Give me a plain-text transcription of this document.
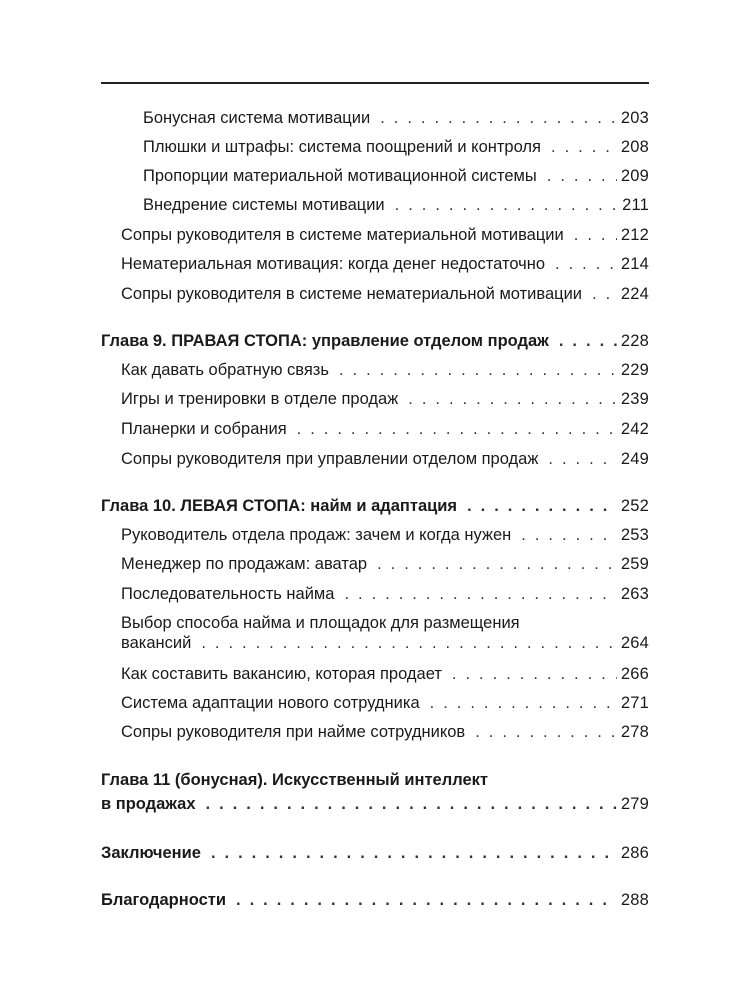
Бонусная система мотивации . . .	203
Плюшки и штрафы: система поощрений и контроля . . .	208
Пропорции материальной мотивационной системы . . .	209
Внедрение системы мотивации . . .	211
Сопры руководителя в системе материальной мотивации . . .	212
Нематериальная мотивация: когда денег недостаточно . . .	214
Сопры руководителя в системе нематериальной мотивации . . . 224
Глава 9. ПРАВАЯ СТОПА: управление отделом продаж . . .	228
Как давать обратную связь . . .	229
Игры и тренировки в отделе продаж . . .	239
Планерки и собрания . . .	242
Сопры руководителя при управлении отделом продаж . . .	249
Глава 10. ЛЕВАЯ СТОПА: найм и адаптация . . .	252
Руководитель отдела продаж: зачем и когда нужен . . .	253
Менеджер по продажам: аватар . . .	259
Последовательность найма . . .	263
Выбор способа найма и площадок для размещения
вакансий . . .	264
Как составить вакансию, которая продает . . .	266
Система адаптации нового сотрудника . . .	271
Сопры руководителя при найме сотрудников . . .	278
Глава 11 (бонусная). Искусственный интеллект
в продажах . . .	279
Заключение . . .	286
Благодарности . . .	288
